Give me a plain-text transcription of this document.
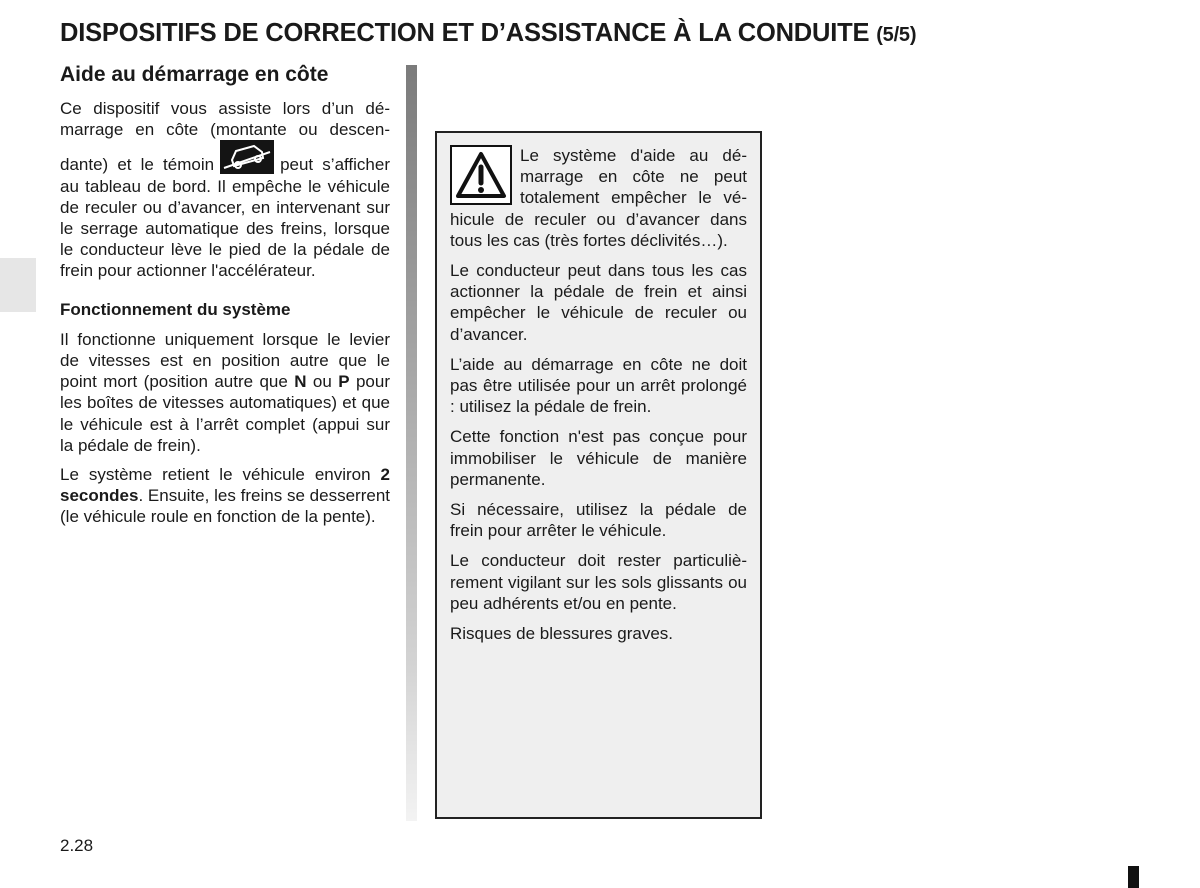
DISPOSITIFS DE CORRECTION ET D’ASSISTANCE À LA CONDUITE (5/5)
Aide au démarrage en côte

Ce dispositif vous assiste lors d’un démarrage en côte (montante ou descendante) et le témoin	peut s’afficher au tableau de bord. Il empêche le véhicule de reculer ou d’avancer, en intervenant sur le serrage automatique des freins, lorsque le conducteur lève le pied de la pédale de frein pour actionner l'accélérateur.

Fonctionnement du système

Il fonctionne uniquement lorsque le levier de vitesses est en position autre que le point mort (position autre que N ou P pour les boîtes de vitesses automatiques) et que le véhicule est à l’arrêt complet (appui sur la pédale de frein).

Le système retient le véhicule environ 2 secondes. Ensuite, les freins se desserrent (le véhicule roule en fonction de la pente).

Le système d'aide au démarrage en côte ne peut totalement empêcher le véhicule de reculer ou d’avancer dans tous les cas (très fortes déclivités…).

Le conducteur peut dans tous les cas actionner la pédale de frein et ainsi empêcher le véhicule de reculer ou d’avancer.

L’aide au démarrage en côte ne doit pas être utilisée pour un arrêt prolongé : utilisez la pédale de frein.

Cette fonction n'est pas conçue pour immobiliser le véhicule de manière permanente.

Si nécessaire, utilisez la pédale de frein pour arrêter le véhicule.

Le conducteur doit rester particulièrement vigilant sur les sols glissants ou peu adhérents et/ou en pente.

Risques de blessures graves.

2.28
